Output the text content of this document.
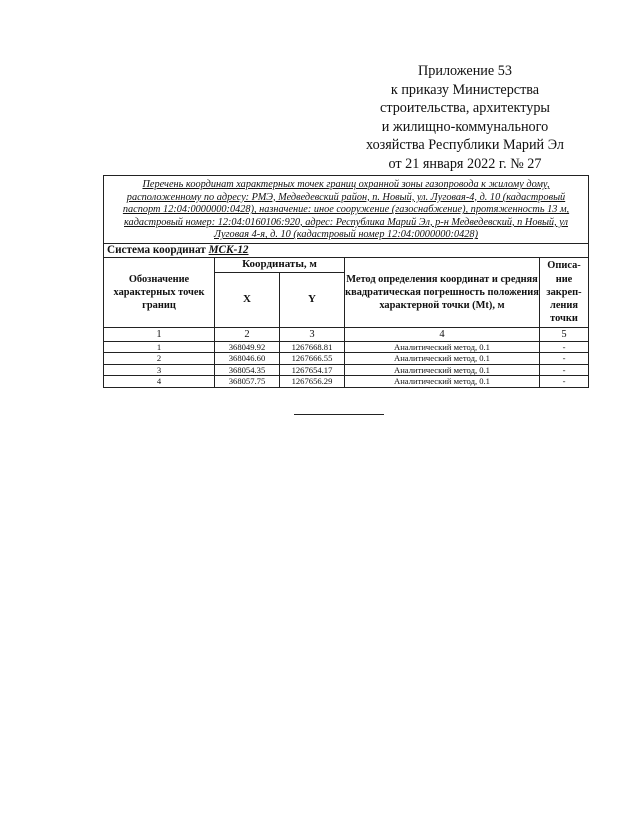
Приложение 53
к приказу Министерства
строительства, архитектуры
и жилищно-коммунального
хозяйства Республики Марий Эл
от 21 января 2022 г. № 27
Перечень координат характерных точек границ охранной зоны газопровода к жилому дому, расположенному по адресу: РМЭ, Медведевский район, п. Новый, ул. Луговая-4, д. 10 (кадастровый паспорт 12:04:0000000:0428), назначение: иное сооружение (газоснабжение), протяженность 13 м, кадастровый номер: 12:04:0160106:920, адрес: Республика Марий Эл, р-н Медведевский, п Новый, ул Луговая 4-я, д. 10 (кадастровый номер 12:04:0000000:0428)				
Система координат МСК-12				
Обозначение характерных точек границ	Координаты, м		Метод определения координат и средняя квадратическая погрешность положения характерной точки (Mt), м	Описа-ние закреп-ления точки
	X	Y		
1	2	3	4	5
1	368049.92	1267668.81	Аналитический метод, 0.1	-
2	368046.60	1267666.55	Аналитический метод, 0.1	-
3	368054.35	1267654.17	Аналитический метод, 0.1	-
4	368057.75	1267656.29	Аналитический метод, 0.1	-
